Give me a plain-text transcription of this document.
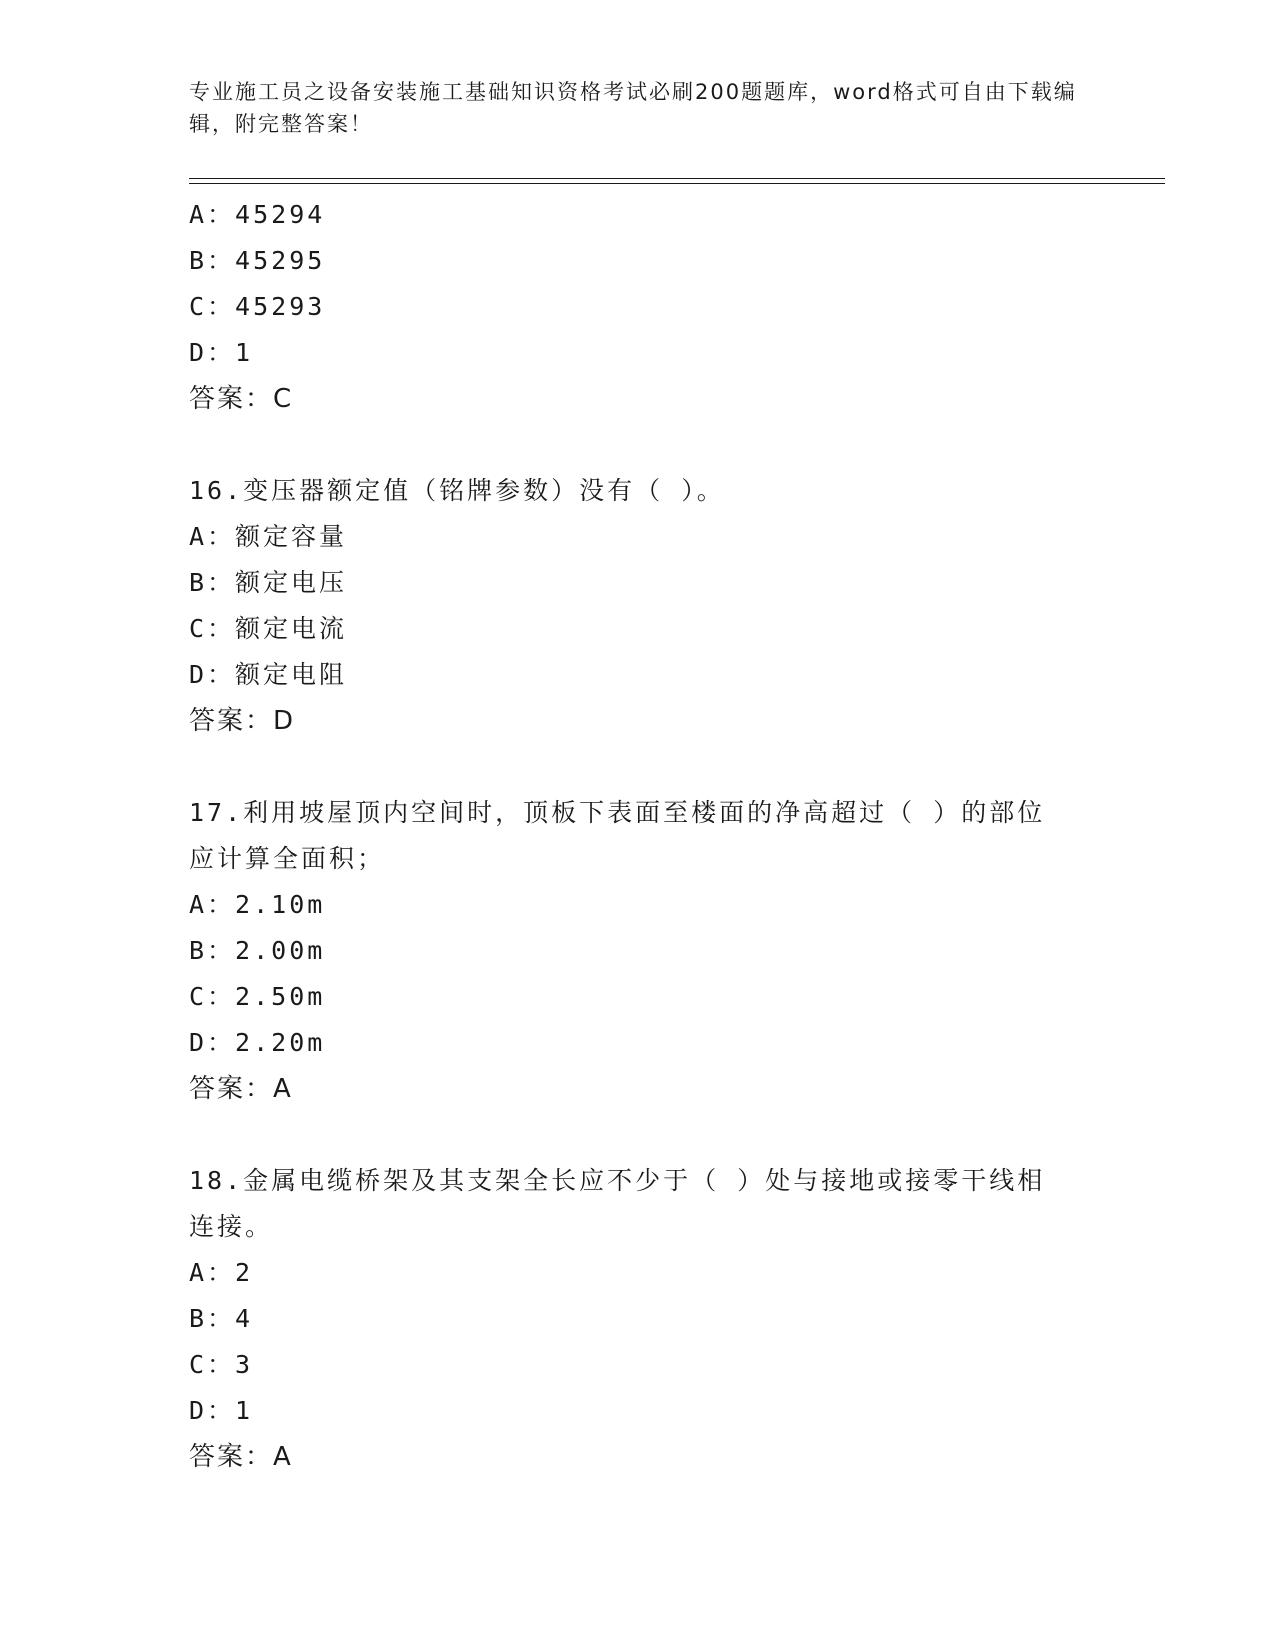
专业施工员之设备安装施工基础知识资格考试必刷200题题库，word格式可自由下载编辑，附完整答案！
A：45294
B：45295
C：45293
D：1
答案：C
16.变压器额定值（铭牌参数）没有（ ）。
A：额定容量
B：额定电压
C：额定电流
D：额定电阻
答案：D
17.利用坡屋顶内空间时，顶板下表面至楼面的净高超过（ ）的部位应计算全面积；
A：2.10m
B：2.00m
C：2.50m
D：2.20m
答案：A
18.金属电缆桥架及其支架全长应不少于（ ）处与接地或接零干线相连接。
A：2
B：4
C：3
D：1
答案：A
